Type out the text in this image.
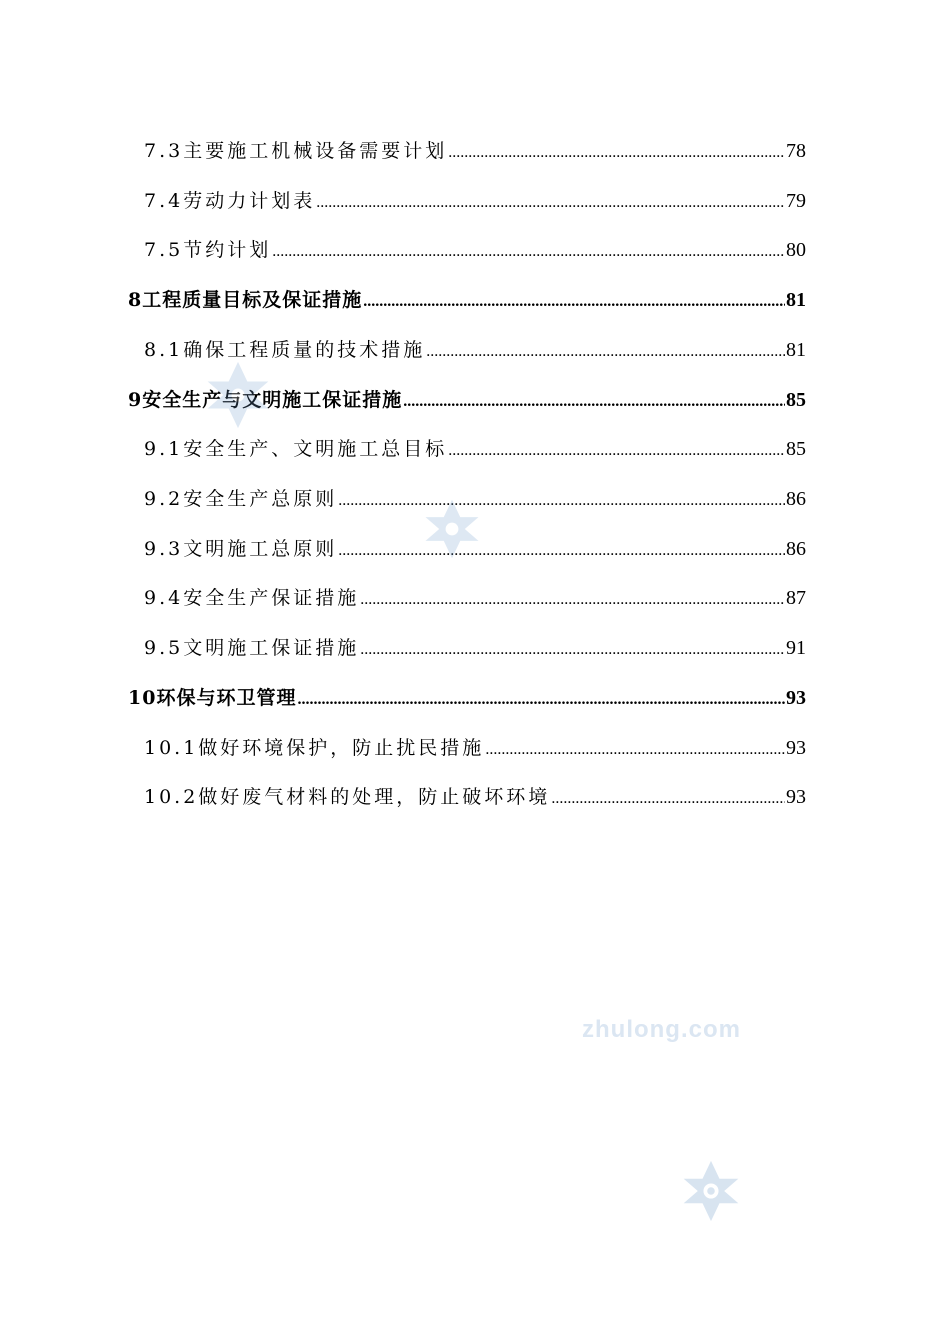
7.3主要施工机械设备需要计划 .....	78
7.4劳动力计划表 .....	79
7.5节约计划 .....	80
8工程质量目标及保证措施 .....	81
8.1确保工程质量的技术措施 .....	81
9安全生产与文明施工保证措施 .....	85
9.1安全生产、文明施工总目标 .....	85
9.2安全生产总原则 .....	86
9.3文明施工总原则 .....	86
9.4安全生产保证措施 .....	87
9.5文明施工保证措施 .....	91
10环保与环卫管理 .....	93
10.1做好环境保护，防止扰民措施 .....	93
10.2做好废气材料的处理，防止破坏环境 .....	93
zhulong.com
